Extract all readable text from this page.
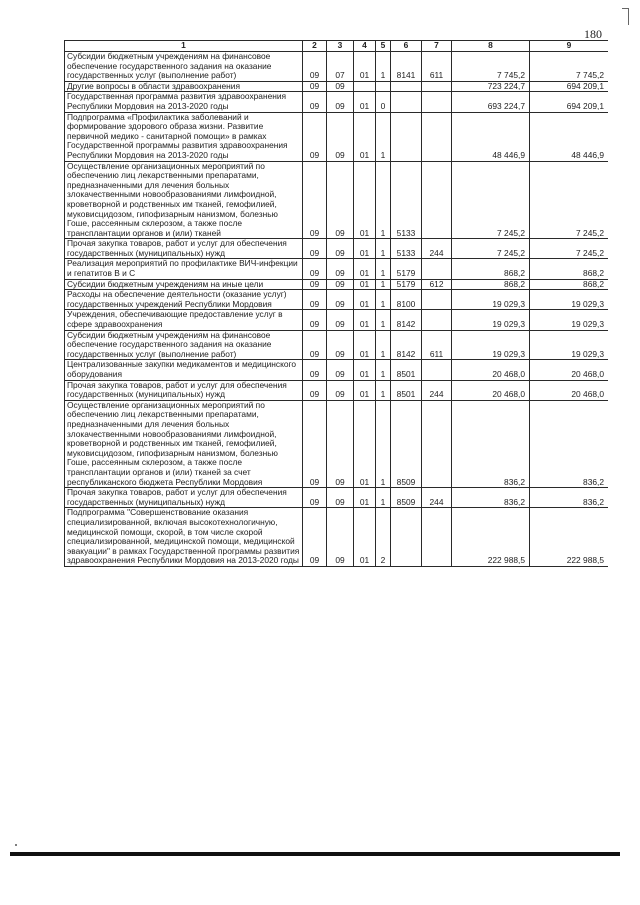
180
1	2	3	4	5	6	7	8	9
Субсидии бюджетным учреждениям на финансовое обеспечение государственного задания на оказание государственных услуг (выполнение работ)	09	07	01	1	8141	611	7 745,2	7 745,2
Другие вопросы в области здравоохранения	09	09					723 224,7	694 209,1
Государственная программа развития здравоохранения Республики Мордовия на 2013-2020 годы	09	09	01	0			693 224,7	694 209,1
Подпрограмма «Профилактика заболеваний и формирование здорового образа жизни. Развитие первичной медико - санитарной помощи» в рамках Государственной программы развития здравоохранения Республики Мордовия на 2013-2020 годы	09	09	01	1			48 446,9	48 446,9
Осуществление организационных мероприятий по обеспечению лиц лекарственными препаратами, предназначенными для лечения больных злокачественными новообразованиями лимфоидной, кроветворной и родственных им тканей, гемофилией, муковисцидозом, гипофизарным нанизмом, болезнью Гоше, рассеянным склерозом, а также после трансплантации органов и (или) тканей	09	09	01	1	5133		7 245,2	7 245,2
Прочая закупка товаров, работ и услуг для обеспечения государственных (муниципальных) нужд	09	09	01	1	5133	244	7 245,2	7 245,2
Реализация мероприятий по профилактике ВИЧ-инфекции и гепатитов В и С	09	09	01	1	5179		868,2	868,2
Субсидии бюджетным учреждениям на иные цели	09	09	01	1	5179	612	868,2	868,2
Расходы на обеспечение деятельности (оказание услуг) государственных учреждений Республики Мордовия	09	09	01	1	8100		19 029,3	19 029,3
Учреждения, обеспечивающие предоставление услуг в сфере здравоохранения	09	09	01	1	8142		19 029,3	19 029,3
Субсидии бюджетным учреждениям на финансовое обеспечение государственного задания на оказание государственных услуг (выполнение работ)	09	09	01	1	8142	611	19 029,3	19 029,3
Централизованные закупки медикаментов и медицинского оборудования	09	09	01	1	8501		20 468,0	20 468,0
Прочая закупка товаров, работ и услуг для обеспечения государственных (муниципальных) нужд	09	09	01	1	8501	244	20 468,0	20 468,0
Осуществление организационных мероприятий по обеспечению лиц лекарственными препаратами, предназначенными для лечения больных злокачественными новообразованиями лимфоидной, кроветворной и родственных им тканей, гемофилией, муковисцидозом, гипофизарным нанизмом, болезнью Гоше, рассеянным склерозом, а также после трансплантации органов и (или) тканей за счет республиканского бюджета Республики Мордовия	09	09	01	1	8509		836,2	836,2
Прочая закупка товаров, работ и услуг для обеспечения государственных (муниципальных) нужд	09	09	01	1	8509	244	836,2	836,2
Подпрограмма "Совершенствование оказания специализированной, включая высокотехнологичную, медицинской помощи, скорой, в том числе скорой специализированной, медицинской помощи, медицинской эвакуации" в рамках Государственной программы развития здравоохранения Республики Мордовия на 2013-2020 годы	09	09	01	2			222 988,5	222 988,5
